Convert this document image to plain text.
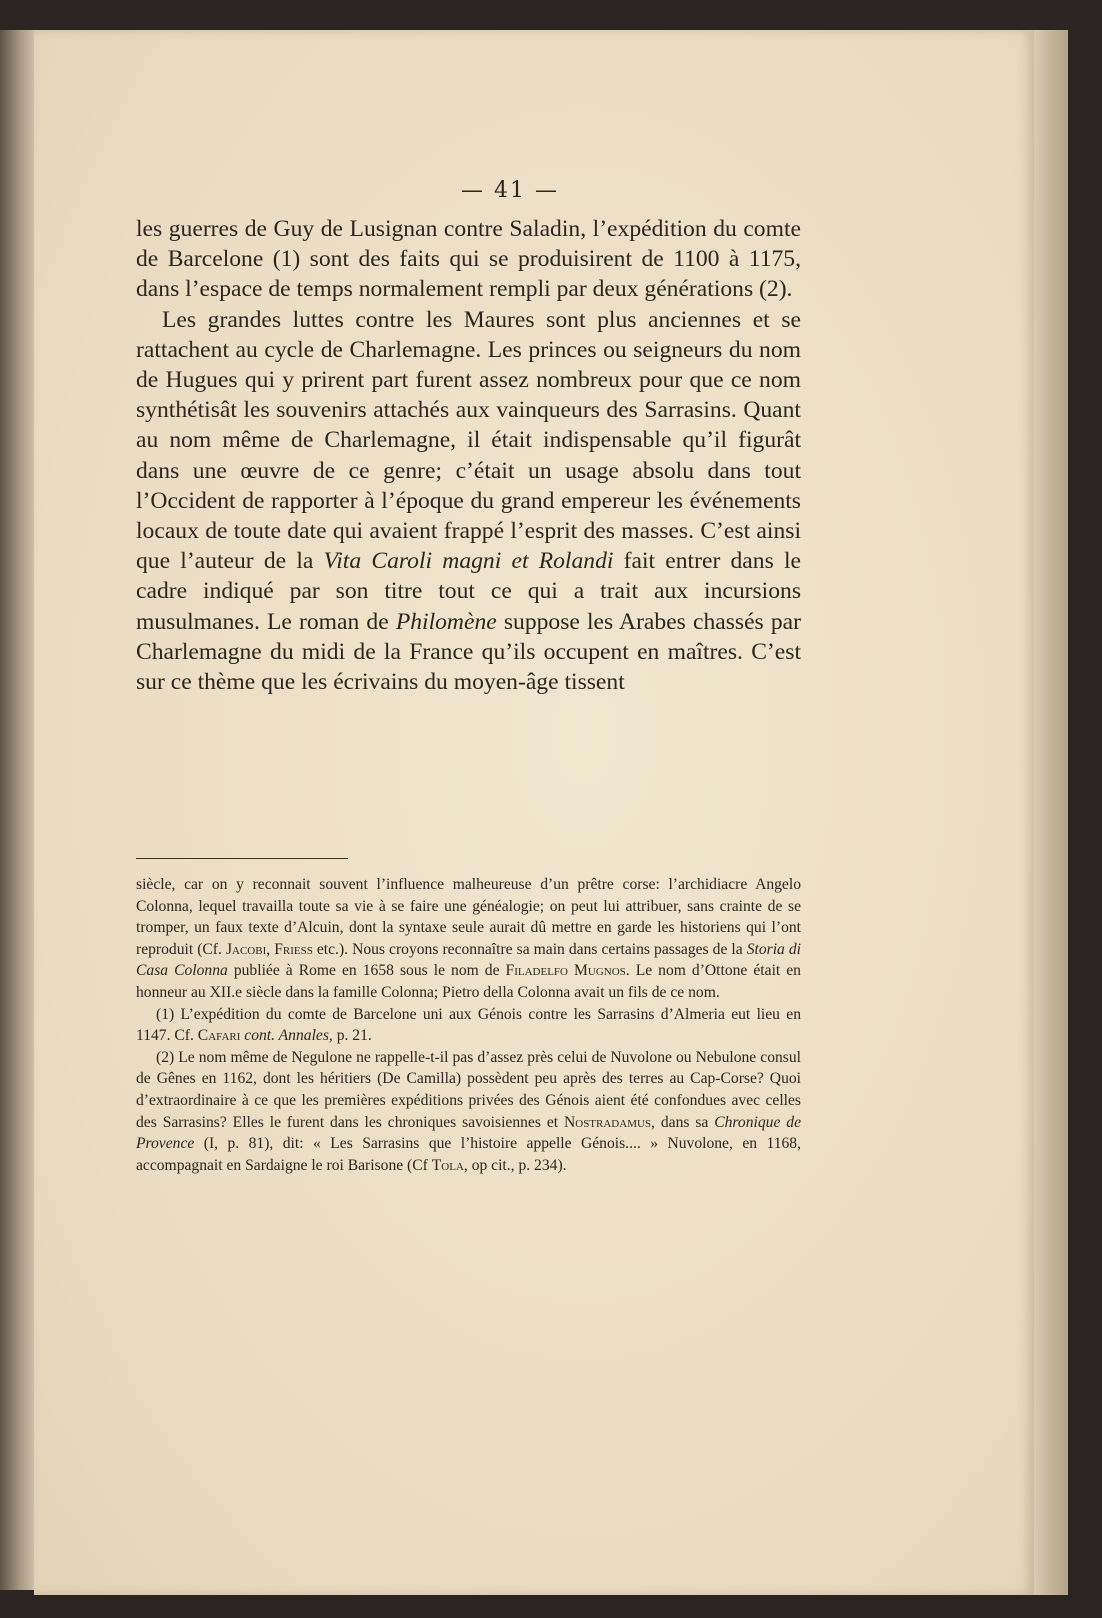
— 41 —

les guerres de Guy de Lusignan contre Saladin, l’expédition du comte de Barcelone (1) sont des faits qui se produisirent de 1100 à 1175, dans l’espace de temps normalement rempli par deux générations (2).

Les grandes luttes contre les Maures sont plus anciennes et se rattachent au cycle de Charlemagne. Les princes ou seigneurs du nom de Hugues qui y prirent part furent assez nombreux pour que ce nom synthétisât les souvenirs attachés aux vainqueurs des Sarrasins. Quant au nom même de Charlemagne, il était indispensable qu’il figurât dans une œuvre de ce genre; c’était un usage absolu dans tout l’Occident de rapporter à l’époque du grand empereur les événements locaux de toute date qui avaient frappé l’esprit des masses. C’est ainsi que l’auteur de la Vita Caroli magni et Rolandi fait entrer dans le cadre indiqué par son titre tout ce qui a trait aux incursions musulmanes. Le roman de Philomène suppose les Arabes chassés par Charlemagne du midi de la France qu’ils occupent en maîtres. C’est sur ce thème que les écrivains du moyen-âge tissent

siècle, car on y reconnait souvent l’influence malheureuse d’un prêtre corse: l’archidiacre Angelo Colonna, lequel travailla toute sa vie à se faire une généalogie; on peut lui attribuer, sans crainte de se tromper, un faux texte d’Alcuin, dont la syntaxe seule aurait dû mettre en garde les historiens qui l’ont reproduit (Cf. Jacobi, Friess etc.). Nous croyons reconnaître sa main dans certains passages de la Storia di Casa Colonna publiée à Rome en 1658 sous le nom de Filadelfo Mugnos. Le nom d’Ottone était en honneur au XII.e siècle dans la famille Colonna; Pietro della Colonna avait un fils de ce nom.

(1) L’expédition du comte de Barcelone uni aux Génois contre les Sarrasins d’Almeria eut lieu en 1147. Cf. Cafari cont. Annales, p. 21.

(2) Le nom même de Negulone ne rappelle-t-il pas d’assez près celui de Nuvolone ou Nebulone consul de Gênes en 1162, dont les héritiers (De Camilla) possèdent peu après des terres au Cap-Corse? Quoi d’extraordinaire à ce que les premières expéditions privées des Génois aient été confondues avec celles des Sarrasins? Elles le furent dans les chroniques savoisiennes et Nostradamus, dans sa Chronique de Provence (I, p. 81), dit: « Les Sarrasins que l’histoire appelle Génois.... » Nuvolone, en 1168, accompagnait en Sardaigne le roi Barisone (Cf Tola, op cit., p. 234).
